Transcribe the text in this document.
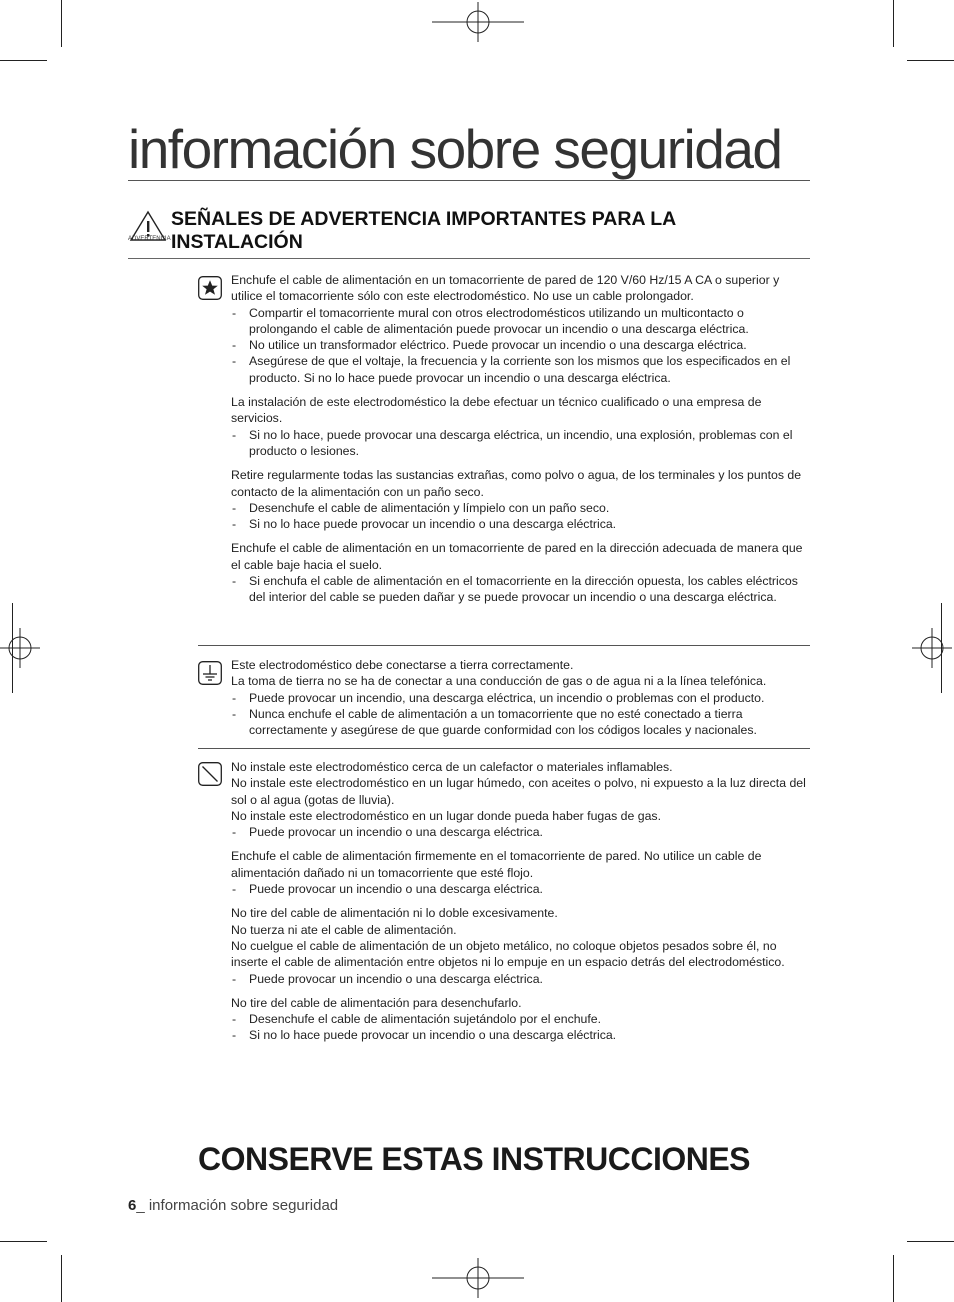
información sobre seguridad
ADVERTENCIA
SEÑALES DE ADVERTENCIA IMPORTANTES PARA LA INSTALACIÓN

Enchufe el cable de alimentación en un tomacorriente de pared de 120 V/60 Hz/15 A CA o superior y utilice el tomacorriente sólo con este electrodoméstico. No use un cable prolongador.

- Compartir el tomacorriente mural con otros electrodomésticos utilizando un multicontacto o prolongando el cable de alimentación puede provocar un incendio o una descarga eléctrica.

- No utilice un transformador eléctrico. Puede provocar un incendio o una descarga eléctrica.

- Asegúrese de que el voltaje, la frecuencia y la corriente son los mismos que los especificados en el producto. Si no lo hace puede provocar un incendio o una descarga eléctrica.

La instalación de este electrodoméstico la debe efectuar un técnico cualificado o una empresa de servicios.

- Si no lo hace, puede provocar una descarga eléctrica, un incendio, una explosión, problemas con el producto o lesiones.

Retire regularmente todas las sustancias extrañas, como polvo o agua, de los terminales y los puntos de contacto de la alimentación con un paño seco.

- Desenchufe el cable de alimentación y límpielo con un paño seco.

- Si no lo hace puede provocar un incendio o una descarga eléctrica.

Enchufe el cable de alimentación en un tomacorriente de pared en la dirección adecuada de manera que el cable baje hacia el suelo.

- Si enchufa el cable de alimentación en el tomacorriente en la dirección opuesta, los cables eléctricos del interior del cable se pueden dañar y se puede provocar un incendio o una descarga eléctrica.

Este electrodoméstico debe conectarse a tierra correctamente.
La toma de tierra no se ha de conectar a una conducción de gas o de agua ni a la línea telefónica.

- Puede provocar un incendio, una descarga eléctrica, un incendio o problemas con el producto.

- Nunca enchufe el cable de alimentación a un tomacorriente que no esté conectado a tierra correctamente y asegúrese de que guarde conformidad con los códigos locales y nacionales.

No instale este electrodoméstico cerca de un calefactor o materiales inflamables.
No instale este electrodoméstico en un lugar húmedo, con aceites o polvo, ni expuesto a la luz directa del sol o al agua (gotas de lluvia).
No instale este electrodoméstico en un lugar donde pueda haber fugas de gas.

- Puede provocar un incendio o una descarga eléctrica.

Enchufe el cable de alimentación firmemente en el tomacorriente de pared. No utilice un cable de alimentación dañado ni un tomacorriente que esté flojo.

- Puede provocar un incendio o una descarga eléctrica.

No tire del cable de alimentación ni lo doble excesivamente.
No tuerza ni ate el cable de alimentación.
No cuelgue el cable de alimentación de un objeto metálico, no coloque objetos pesados sobre él, no inserte el cable de alimentación entre objetos ni lo empuje en un espacio detrás del electrodoméstico.

- Puede provocar un incendio o una descarga eléctrica.

No tire del cable de alimentación para desenchufarlo.

- Desenchufe el cable de alimentación sujetándolo por el enchufe.

- Si no lo hace puede provocar un incendio o una descarga eléctrica.

CONSERVE ESTAS INSTRUCCIONES
6_ información sobre seguridad
